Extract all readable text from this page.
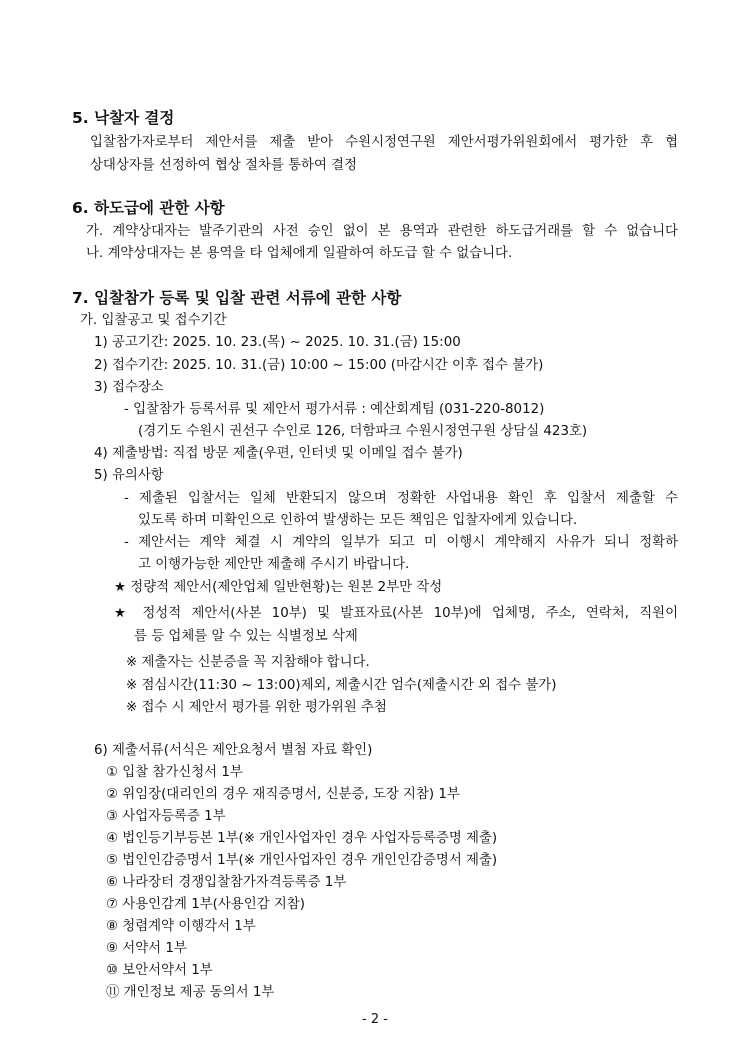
5. 낙찰자 결정
입찰참가자로부터 제안서를 제출 받아 수원시정연구원 제안서평가위원회에서 평가한 후 협
상대상자를 선정하여 협상 절차를 통하여 결정
6. 하도급에 관한 사항
가. 계약상대자는 발주기관의 사전 승인 없이 본 용역과 관련한 하도급거래를 할 수 없습니다
나. 계약상대자는 본 용역을 타 업체에게 일괄하여 하도급 할 수 없습니다.
7. 입찰참가 등록 및 입찰 관련 서류에 관한 사항
가. 입찰공고 및 접수기간
1) 공고기간: 2025. 10. 23.(목) ~ 2025. 10. 31.(금) 15:00
2) 접수기간: 2025. 10. 31.(금) 10:00 ~ 15:00 (마감시간 이후 접수 불가)
3) 접수장소
- 입찰참가 등록서류 및 제안서 평가서류 : 예산회계팀 (031-220-8012)
(경기도 수원시 권선구 수인로 126, 더함파크 수원시정연구원 상담실 423호)
4) 제출방법: 직접 방문 제출(우편, 인터넷 및 이메일 접수 불가)
5) 유의사항
- 제출된 입찰서는 일체 반환되지 않으며 정확한 사업내용 확인 후 입찰서 제출할 수
있도록 하며 미확인으로 인하여 발생하는 모든 책임은 입찰자에게 있습니다.
- 제안서는 계약 체결 시 계약의 일부가 되고 미 이행시 계약해지 사유가 되니 정확하
고 이행가능한 제안만 제출해 주시기 바랍니다.
★ 정량적 제안서(제안업체 일반현황)는 원본 2부만 작성
★ 정성적 제안서(사본 10부) 및 발표자료(사본 10부)에 업체명, 주소, 연락처, 직원이
름 등 업체를 알 수 있는 식별정보 삭제
※ 제출자는 신분증을 꼭 지참해야 합니다.
※ 점심시간(11:30 ~ 13:00)제외, 제출시간 엄수(제출시간 외 접수 불가)
※ 접수 시 제안서 평가를 위한 평가위원 추첨
6) 제출서류(서식은 제안요청서 별첨 자료 확인)
① 입찰 참가신청서 1부
② 위임장(대리인의 경우 재직증명서, 신분증, 도장 지참) 1부
③ 사업자등록증 1부
④ 법인등기부등본 1부(※ 개인사업자인 경우 사업자등록증명 제출)
⑤ 법인인감증명서 1부(※ 개인사업자인 경우 개인인감증명서 제출)
⑥ 나라장터 경쟁입찰참가자격등록증 1부
⑦ 사용인감계 1부(사용인감 지참)
⑧ 청렴계약 이행각서 1부
⑨ 서약서 1부
⑩ 보안서약서 1부
⑪ 개인정보 제공 동의서 1부
- 2 -
